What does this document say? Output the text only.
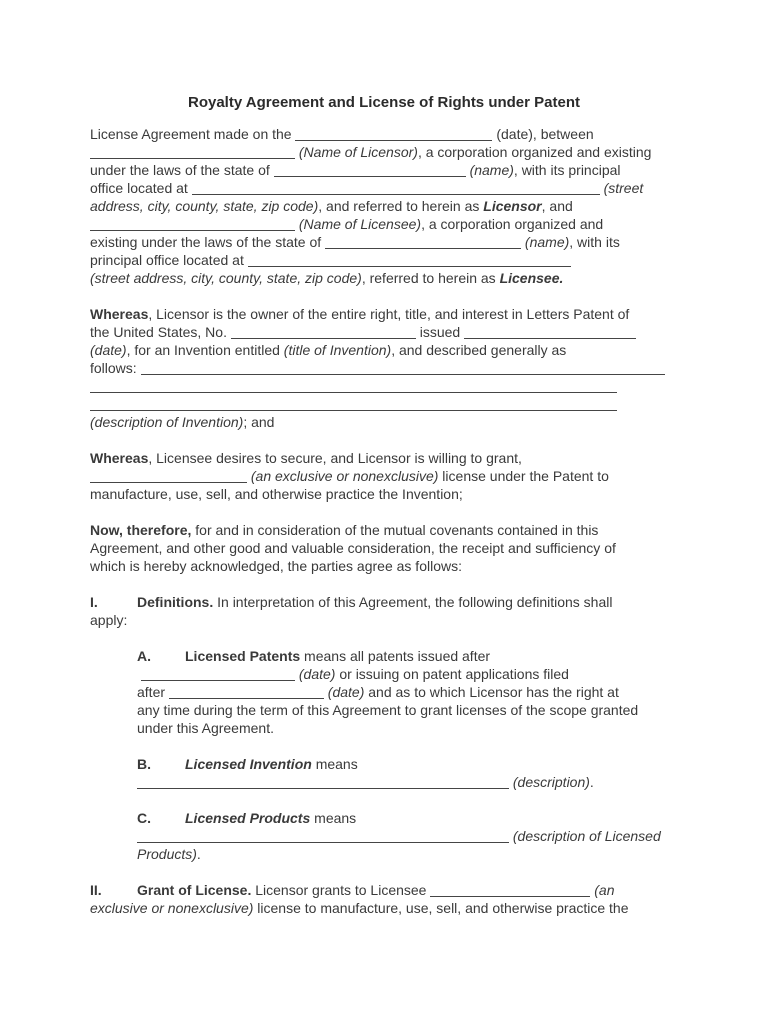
Royalty Agreement and License of Rights under Patent
License Agreement made on the	(date), between
(Name of Licensor), a corporation organized and existing
under the laws of the state of	(name), with its principal
office located at	(street
address, city, county, state, zip code), and referred to herein as Licensor, and
(Name of Licensee), a corporation organized and
existing under the laws of the state of	(name), with its
principal office located at
(street address, city, county, state, zip code), referred to herein as Licensee.
Whereas, Licensor is the owner of the entire right, title, and interest in Letters Patent of
the United States, No.	issued
(date), for an Invention entitled (title of Invention), and described generally as
follows:
(description of Invention); and
Whereas, Licensee desires to secure, and Licensor is willing to grant,
(an exclusive or nonexclusive) license under the Patent to
manufacture, use, sell, and otherwise practice the Invention;
Now, therefore, for and in consideration of the mutual covenants contained in this
Agreement, and other good and valuable consideration, the receipt and sufficiency of
which is hereby acknowledged, the parties agree as follows:
I.	Definitions. In interpretation of this Agreement, the following definitions shall
apply:
A. Licensed Patents means all patents issued after
(date) or issuing on patent applications filed
after	(date) and as to which Licensor has the right at
any time during the term of this Agreement to grant licenses of the scope granted
under this Agreement.
B. Licensed Invention means
(description).
C. Licensed Products means
(description of Licensed
Products).
II.	Grant of License. Licensor grants to Licensee	(an
exclusive or nonexclusive) license to manufacture, use, sell, and otherwise practice the
